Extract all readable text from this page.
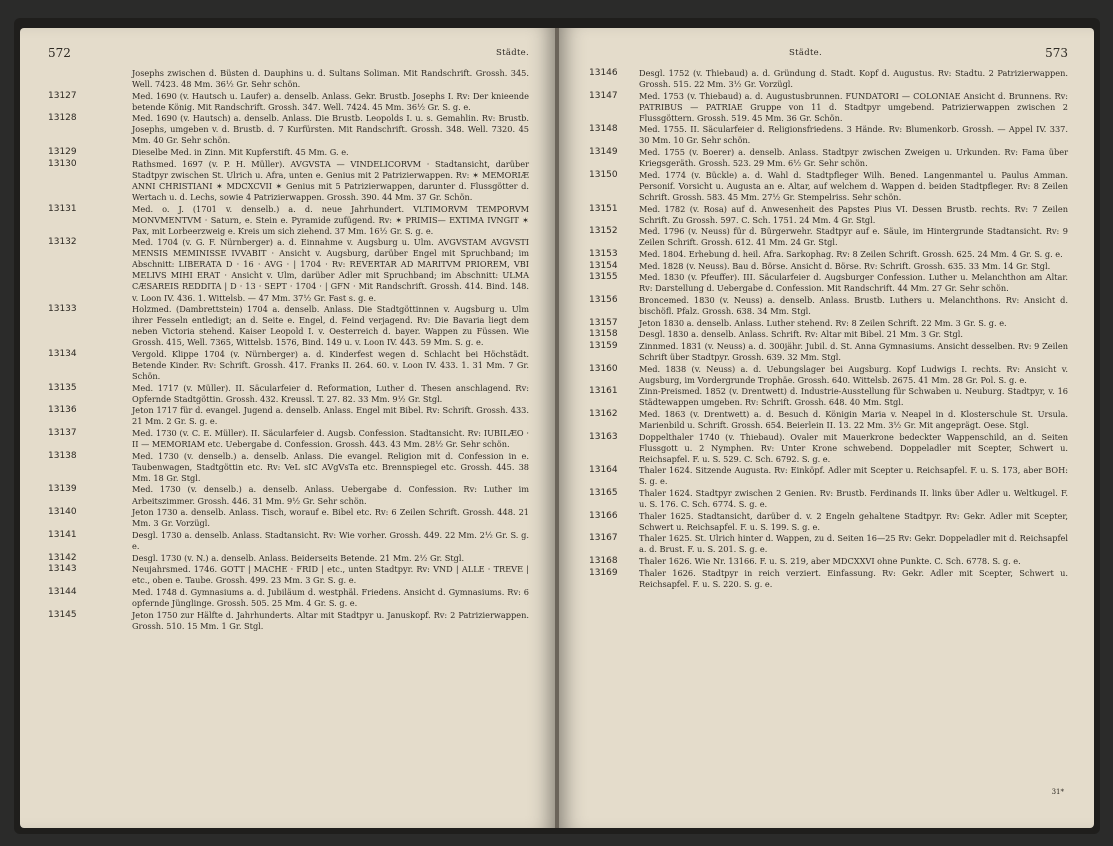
572	Städte.
Josephs zwischen d. Büsten d. Dauphins u. d. Sultans Soliman. Mit Randschrift. Grossh. 345. Well. 7423. 48 Mm. 36½ Gr. Sehr schön.
13127	Med. 1690 (v. Hautsch u. Laufer) a. denselb. Anlass. Gekr. Brustb. Josephs I. Rv: Der knieende betende König. Mit Randschrift. Grossh. 347. Well. 7424. 45 Mm. 36½ Gr. S. g. e.
13128	Med. 1690 (v. Hautsch) a. denselb. Anlass. Die Brustb. Leopolds I. u. s. Gemahlin. Rv: Brustb. Josephs, umgeben v. d. Brustb. d. 7 Kurfürsten. Mit Randschrift. Grossh. 348. Well. 7320. 45 Mm. 40 Gr. Sehr schön.
13129	Dieselbe Med. in Zinn. Mit Kupferstift. 45 Mm. G. e.
13130	Rathsmed. 1697 (v. P. H. Müller). AVGVSTA — VINDELICORVM · Stadtansicht, darüber Stadtpyr zwischen St. Ulrich u. Afra, unten e. Genius mit 2 Patrizierwappen. Rv: ✶ MEMORIÆ ANNI CHRISTIANI ✶ MDCXCVII ✶ Genius mit 5 Patrizierwappen, darunter d. Flussgötter d. Wertach u. d. Lechs, sowie 4 Patrizierwappen. Grossh. 390. 44 Mm. 37 Gr. Schön.
13131	Med. o. J. (1701 v. denselb.) a. d. neue Jahrhundert. VLTIMORVM TEMPORVM MONVMENTVM · Saturn, e. Stein e. Pyramide zufügend. Rv: ✶ PRIMIS— EXTIMA IVNGIT ✶ Pax, mit Lorbeerzweig e. Kreis um sich ziehend. 37 Mm. 16½ Gr. S. g. e.
13132	Med. 1704 (v. G. F. Nürnberger) a. d. Einnahme v. Augsburg u. Ulm. AVGVSTAM AVGVSTI MENSIS MEMINISSE IVVABIT · Ansicht v. Augsburg, darüber Engel mit Spruchband; im Abschnitt: LIBERATA D · 16 · AVG · | 1704 · Rv: REVERTAR AD MARITVM PRIOREM, VBI MELIVS MIHI ERAT · Ansicht v. Ulm, darüber Adler mit Spruchband; im Abschnitt: ULMA CÆSAREIS REDDITA | D · 13 · SEPT · 1704 · | GFN · Mit Randschrift. Grossh. 414. Bind. 148. v. Loon IV. 436. 1. Wittelsb. — 47 Mm. 37½ Gr. Fast s. g. e.
13133	Holzmed. (Dambrettstein) 1704 a. denselb. Anlass. Die Stadtgöttinnen v. Augsburg u. Ulm ihrer Fesseln entledigt; an d. Seite e. Engel, d. Feind verjagend. Rv: Die Bavaria liegt dem neben Victoria stehend. Kaiser Leopold I. v. Oesterreich d. bayer. Wappen zu Füssen. Wie Grossh. 415, Well. 7365, Wittelsb. 1576, Bind. 149 u. v. Loon IV. 443. 59 Mm. S. g. e.
13134	Vergold. Klippe 1704 (v. Nürnberger) a. d. Kinderfest wegen d. Schlacht bei Höchstädt. Betende Kinder. Rv: Schrift. Grossh. 417. Franks II. 264. 60. v. Loon IV. 433. 1. 31 Mm. 7 Gr. Schön.
13135	Med. 1717 (v. Müller). II. Säcularfeier d. Reformation, Luther d. Thesen anschlagend. Rv: Opfernde Stadtgöttin. Grossh. 432. Kreussl. T. 27. 82. 33 Mm. 9½ Gr. Stgl.
13136	Jeton 1717 für d. evangel. Jugend a. denselb. Anlass. Engel mit Bibel. Rv: Schrift. Grossh. 433. 21 Mm. 2 Gr. S. g. e.
13137	Med. 1730 (v. C. E. Müller). II. Säcularfeier d. Augsb. Confession. Stadtansicht. Rv: IUBILÆO · II — MEMORIAM etc. Uebergabe d. Confession. Grossh. 443. 43 Mm. 28½ Gr. Sehr schön.
13138	Med. 1730 (v. denselb.) a. denselb. Anlass. Die evangel. Religion mit d. Confession in e. Taubenwagen, Stadtgöttin etc. Rv: VeL sIC AVgVsTa etc. Brennspiegel etc. Grossh. 445. 38 Mm. 18 Gr. Stgl.
13139	Med. 1730 (v. denselb.) a. denselb. Anlass. Uebergabe d. Confession. Rv: Luther im Arbeitszimmer. Grossh. 446. 31 Mm. 9½ Gr. Sehr schön.
13140	Jeton 1730 a. denselb. Anlass. Tisch, worauf e. Bibel etc. Rv: 6 Zeilen Schrift. Grossh. 448. 21 Mm. 3 Gr. Vorzügl.
13141	Desgl. 1730 a. denselb. Anlass. Stadtansicht. Rv: Wie vorher. Grossh. 449. 22 Mm. 2½ Gr. S. g. e.
13142	Desgl. 1730 (v. N.) a. denselb. Anlass. Beiderseits Betende. 21 Mm. 2½ Gr. Stgl.
13143	Neujahrsmed. 1746. GOTT | MACHE · FRID | etc., unten Stadtpyr. Rv: VND | ALLE · TREVE | etc., oben e. Taube. Grossh. 499. 23 Mm. 3 Gr. S. g. e.
13144	Med. 1748 d. Gymnasiums a. d. Jubiläum d. westphäl. Friedens. Ansicht d. Gymnasiums. Rv: 6 opfernde Jünglinge. Grossh. 505. 25 Mm. 4 Gr. S. g. e.
13145	Jeton 1750 zur Hälfte d. Jahrhunderts. Altar mit Stadtpyr u. Januskopf. Rv: 2 Patrizierwappen. Grossh. 510. 15 Mm. 1 Gr. Stgl.
Städte.	573
13146	Desgl. 1752 (v. Thiebaud) a. d. Gründung d. Stadt. Kopf d. Augustus. Rv: Stadtu. 2 Patrizierwappen. Grossh. 515. 22 Mm. 3½ Gr. Vorzügl.
13147	Med. 1753 (v. Thiebaud) a. d. Augustusbrunnen. FUNDATORI — COLONIAE Ansicht d. Brunnens. Rv: PATRIBUS — PATRIAE Gruppe von 11 d. Stadtpyr umgebend. Patrizierwappen zwischen 2 Flussgöttern. Grossh. 519. 45 Mm. 36 Gr. Schön.
13148	Med. 1755. II. Säcularfeier d. Religionsfriedens. 3 Hände. Rv: Blumenkorb. Grossh. — Appel IV. 337. 30 Mm. 10 Gr. Sehr schön.
13149	Med. 1755 (v. Boerer) a. denselb. Anlass. Stadtpyr zwischen Zweigen u. Urkunden. Rv: Fama über Kriegsgeräth. Grossh. 523. 29 Mm. 6½ Gr. Sehr schön.
13150	Med. 1774 (v. Bückle) a. d. Wahl d. Stadtpfleger Wilh. Bened. Langenmantel u. Paulus Amman. Personif. Vorsicht u. Augusta an e. Altar, auf welchem d. Wappen d. beiden Stadtpfleger. Rv: 8 Zeilen Schrift. Grossh. 583. 45 Mm. 27½ Gr. Stempelriss. Sehr schön.
13151	Med. 1782 (v. Rosa) auf d. Anwesenheit des Papstes Pius VI. Dessen Brustb. rechts. Rv: 7 Zeilen Schrift. Zu Grossh. 597. C. Sch. 1751. 24 Mm. 4 Gr. Stgl.
13152	Med. 1796 (v. Neuss) für d. Bürgerwehr. Stadtpyr auf e. Säule, im Hintergrunde Stadtansicht. Rv: 9 Zeilen Schrift. Grossh. 612. 41 Mm. 24 Gr. Stgl.
13153	Med. 1804. Erhebung d. heil. Afra. Sarkophag. Rv: 8 Zeilen Schrift. Grossh. 625. 24 Mm. 4 Gr. S. g. e.
13154	Med. 1828 (v. Neuss). Bau d. Börse. Ansicht d. Börse. Rv: Schrift. Grossh. 635. 33 Mm. 14 Gr. Stgl.
13155	Med. 1830 (v. Pfeuffer). III. Säcularfeier d. Augsburger Confession. Luther u. Melanchthon am Altar. Rv: Darstellung d. Uebergabe d. Confession. Mit Randschrift. 44 Mm. 27 Gr. Sehr schön.
13156	Broncemed. 1830 (v. Neuss) a. denselb. Anlass. Brustb. Luthers u. Melanchthons. Rv: Ansicht d. bischöfl. Pfalz. Grossh. 638. 34 Mm. Stgl.
13157	Jeton 1830 a. denselb. Anlass. Luther stehend. Rv: 8 Zeilen Schrift. 22 Mm. 3 Gr. S. g. e.
13158	Desgl. 1830 a. denselb. Anlass. Schrift. Rv: Altar mit Bibel. 21 Mm. 3 Gr. Stgl.
13159	Zinnmed. 1831 (v. Neuss) a. d. 300jähr. Jubil. d. St. Anna Gymnasiums. Ansicht desselben. Rv: 9 Zeilen Schrift über Stadtpyr. Grossh. 639. 32 Mm. Stgl.
13160	Med. 1838 (v. Neuss) a. d. Uebungslager bei Augsburg. Kopf Ludwigs I. rechts. Rv: Ansicht v. Augsburg, im Vordergrunde Trophäe. Grossh. 640. Wittelsb. 2675. 41 Mm. 28 Gr. Pol. S. g. e.
13161	Zinn-Preismed. 1852 (v. Drentwett) d. Industrie-Ausstellung für Schwaben u. Neuburg. Stadtpyr, v. 16 Städtewappen umgeben. Rv: Schrift. Grossh. 648. 40 Mm. Stgl.
13162	Med. 1863 (v. Drentwett) a. d. Besuch d. Königin Maria v. Neapel in d. Klosterschule St. Ursula. Marienbild u. Schrift. Grossh. 654. Beierlein II. 13. 22 Mm. 3½ Gr. Mit angeprägt. Oese. Stgl.
13163	Doppelthaler 1740 (v. Thiebaud). Ovaler mit Mauerkrone bedeckter Wappenschild, an d. Seiten Flussgott u. 2 Nymphen. Rv: Unter Krone schwebend. Doppeladler mit Scepter, Schwert u. Reichsapfel. F. u. S. 529. C. Sch. 6792. S. g. e.
13164	Thaler 1624. Sitzende Augusta. Rv: Einköpf. Adler mit Scepter u. Reichsapfel. F. u. S. 173, aber BOH: S. g. e.
13165	Thaler 1624. Stadtpyr zwischen 2 Genien. Rv: Brustb. Ferdinands II. links über Adler u. Weltkugel. F. u. S. 176. C. Sch. 6774. S. g. e.
13166	Thaler 1625. Stadtansicht, darüber d. v. 2 Engeln gehaltene Stadtpyr. Rv: Gekr. Adler mit Scepter, Schwert u. Reichsapfel. F. u. S. 199. S. g. e.
13167	Thaler 1625. St. Ulrich hinter d. Wappen, zu d. Seiten 16—25 Rv: Gekr. Doppeladler mit d. Reichsapfel a. d. Brust. F. u. S. 201. S. g. e.
13168	Thaler 1626. Wie Nr. 13166. F. u. S. 219, aber MDCXXVI ohne Punkte. C. Sch. 6778. S. g. e.
13169	Thaler 1626. Stadtpyr in reich verziert. Einfassung. Rv: Gekr. Adler mit Scepter, Schwert u. Reichsapfel. F. u. S. 220. S. g. e.
31*
